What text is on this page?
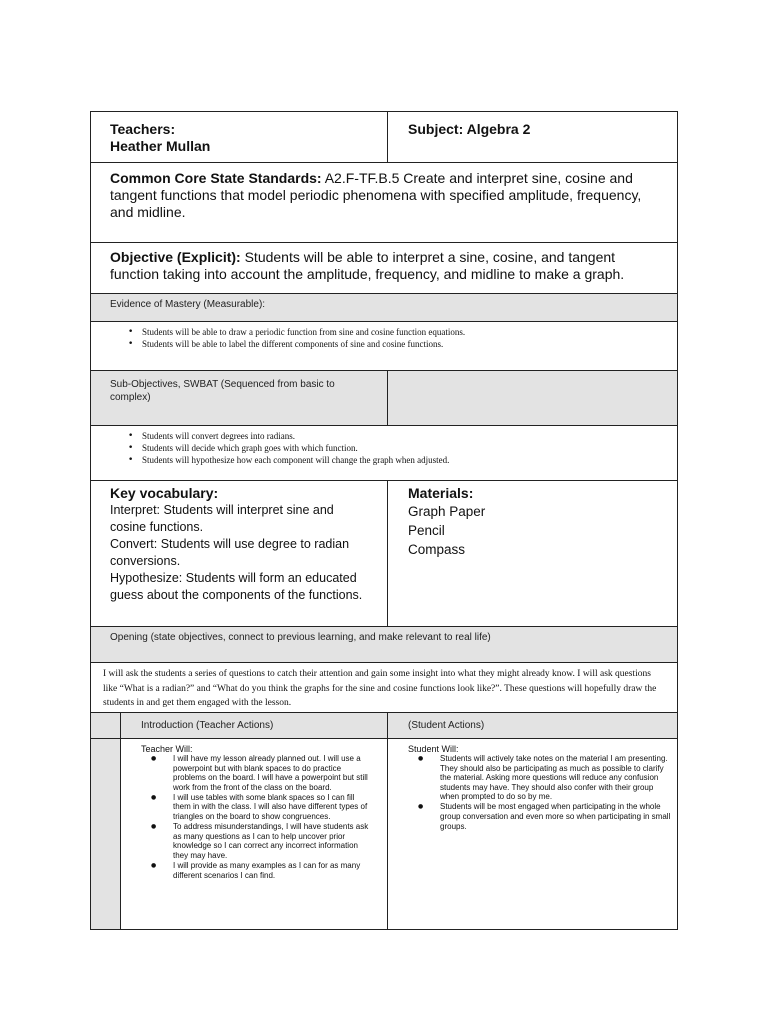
Teachers:
Heather Mullan
Subject: Algebra 2
Common Core State Standards: A2.F-TF.B.5 Create and interpret sine, cosine and tangent functions that model periodic phenomena with specified amplitude, frequency, and midline.
Objective (Explicit): Students will be able to interpret a sine, cosine, and tangent function taking into account the amplitude, frequency, and midline to make a graph.
Evidence of Mastery (Measurable):
• Students will be able to draw a periodic function from sine and cosine function equations.
• Students will be able to label the different components of sine and cosine functions.
Sub-Objectives, SWBAT (Sequenced from basic to complex)
• Students will convert degrees into radians.
• Students will decide which graph goes with which function.
• Students will hypothesize how each component will change the graph when adjusted.
Key vocabulary:
Interpret: Students will interpret sine and cosine functions.
Convert: Students will use degree to radian conversions.
Hypothesize: Students will form an educated guess about the components of the functions.
Materials:
Graph Paper
Pencil
Compass
Opening (state objectives, connect to previous learning, and make relevant to real life)
I will ask the students a series of questions to catch their attention and gain some insight into what they might already know. I will ask questions like “What is a radian?” and “What do you think the graphs for the sine and cosine functions look like?”. These questions will hopefully draw the students in and get them engaged with the lesson.
Introduction (Teacher Actions)	(Student Actions)
Teacher Will:
● I will have my lesson already planned out. I will use a powerpoint but with blank spaces to do practice problems on the board. I will have a powerpoint but still work from the front of the class on the board.
● I will use tables with some blank spaces so I can fill them in with the class. I will also have different types of triangles on the board to show congruences.
● To address misunderstandings, I will have students ask as many questions as I can to help uncover prior knowledge so I can correct any incorrect information they may have.
● I will provide as many examples as I can for as many different scenarios I can find.
Student Will:
● Students will actively take notes on the material I am presenting. They should also be participating as much as possible to clarify the material. Asking more questions will reduce any confusion students may have. They should also confer with their group when prompted to do so by me.
● Students will be most engaged when participating in the whole group conversation and even more so when participating in small groups.
